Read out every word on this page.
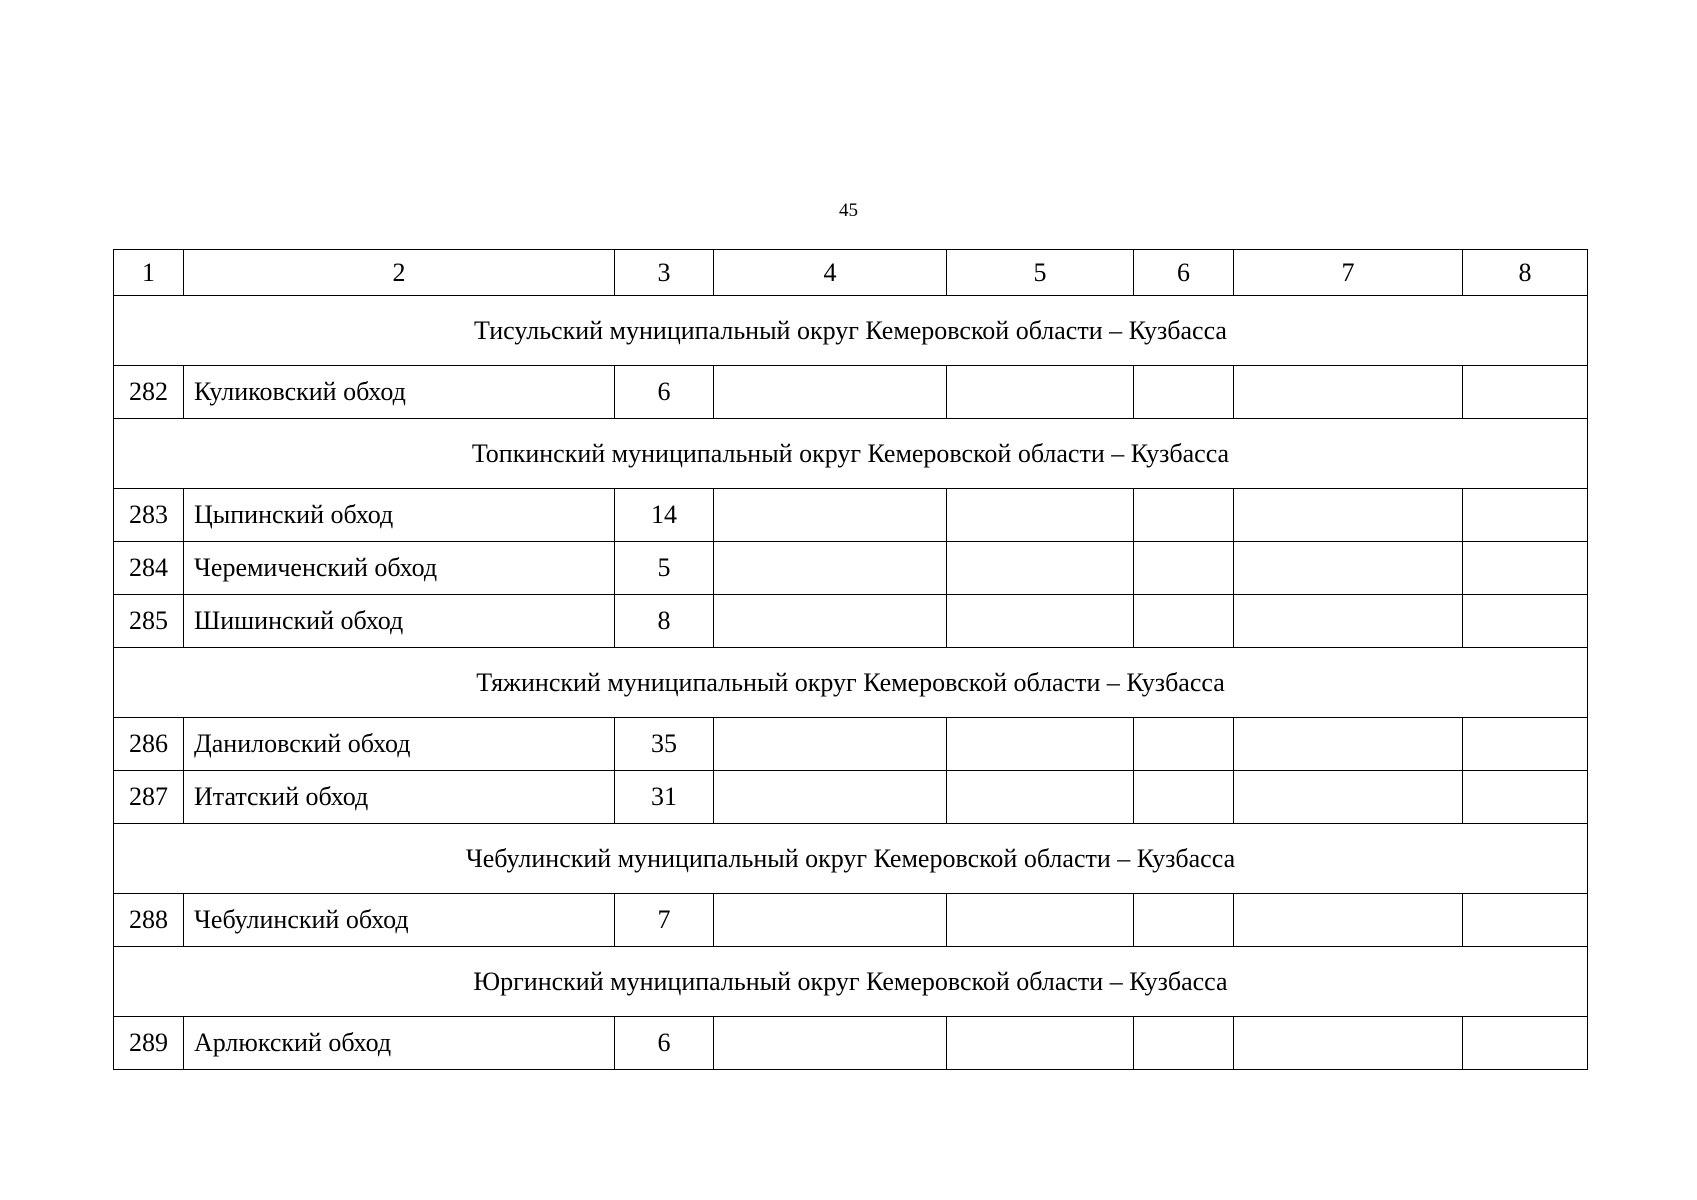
45
1	2	3	4	5	6	7	8
Тисульский муниципальный округ Кемеровской области – Кузбасса							
282	Куликовский обход	6					
Топкинский муниципальный округ Кемеровской области – Кузбасса							
283	Цыпинский обход	14					
284	Черемиченский обход	5					
285	Шишинский обход	8					
Тяжинский муниципальный округ Кемеровской области – Кузбасса							
286	Даниловский обход	35					
287	Итатский обход	31					
Чебулинский муниципальный округ Кемеровской области – Кузбасса							
288	Чебулинский обход	7					
Юргинский муниципальный округ Кемеровской области – Кузбасса							
289	Арлюкский обход	6					
